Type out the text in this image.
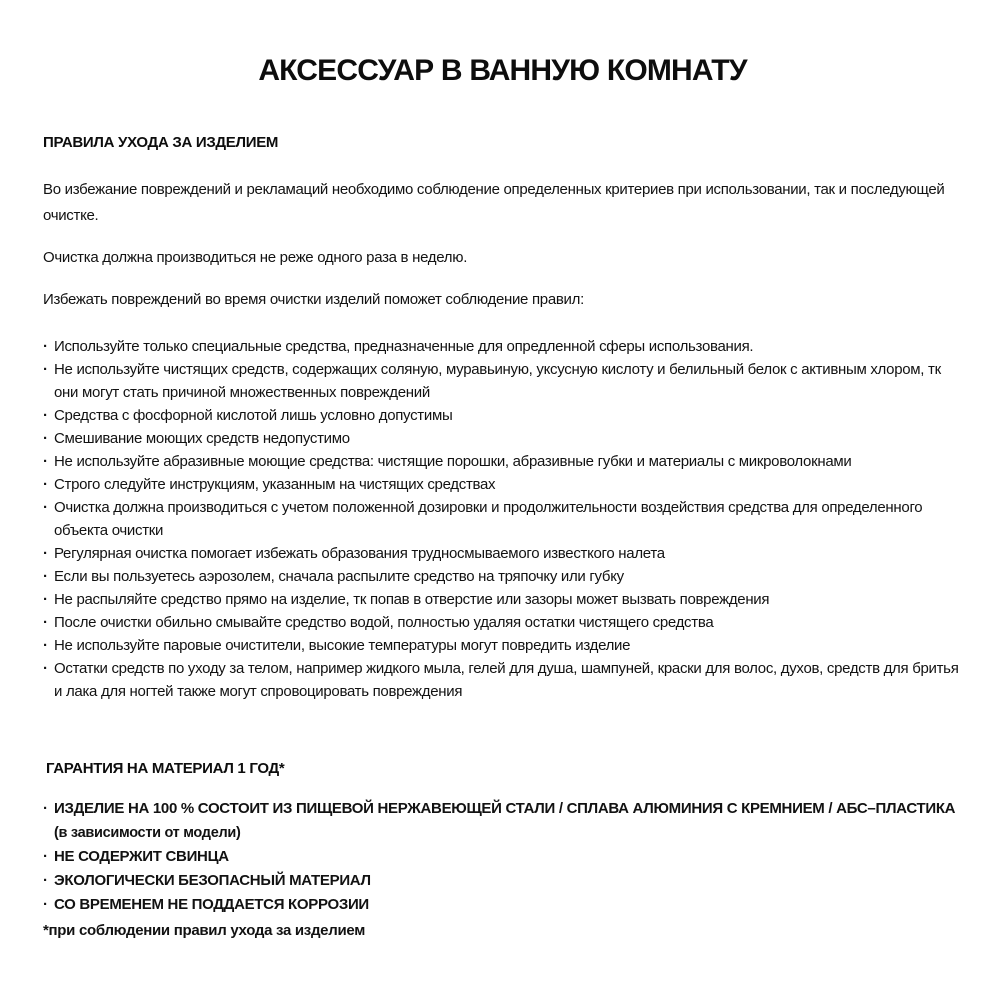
АКСЕССУАР В ВАННУЮ КОМНАТУ
ПРАВИЛА УХОДА ЗА ИЗДЕЛИЕМ

Во избежание повреждений и рекламаций необходимо соблюдение определенных критериев при использовании, так и последующей очистке.

Очистка должна производиться не реже одного раза в неделю.

Избежать повреждений во время очистки изделий поможет соблюдение правил:

· Используйте только специальные средства, предназначенные для опредленной сферы использования.
· Не используйте чистящих средств, содержащих соляную, муравьиную, уксусную кислоту и белильный белок с активным хлором, тк они могут стать причиной множественных повреждений
· Средства с фосфорной кислотой лишь условно допустимы
· Смешивание моющих средств недопустимо
· Не используйте абразивные моющие средства: чистящие порошки, абразивные губки и материалы с микроволокнами
· Строго следуйте инструкциям, указанным на чистящих средствах
· Очистка должна производиться с учетом положенной дозировки и продолжительности воздействия средства для определенного объекта очистки
· Регулярная очистка помогает избежать образования трудносмываемого известкого налета
· Если вы пользуетесь аэрозолем, сначала распылите средство на тряпочку или губку
· Не распыляйте средство прямо на изделие, тк попав в отверстие или зазоры может вызвать повреждения
· После очистки обильно смывайте средство водой, полностью удаляя остатки чистящего средства
· Не используйте паровые очистители, высокие температуры могут повредить изделие
· Остатки средств по уходу за телом, например жидкого мыла, гелей для душа, шампуней, краски для волос, духов, средств для бритья и лака для ногтей также могут спровоцировать повреждения
ГАРАНТИЯ НА МАТЕРИАЛ 1 ГОД*
· ИЗДЕЛИЕ НА 100 % СОСТОИТ ИЗ ПИЩЕВОЙ НЕРЖАВЕЮЩЕЙ СТАЛИ / СПЛАВА АЛЮМИНИЯ С КРЕМНИЕМ / АБС–ПЛАСТИКА
(в зависимости от модели)
· НЕ СОДЕРЖИТ СВИНЦА
· ЭКОЛОГИЧЕСКИ БЕЗОПАСНЫЙ МАТЕРИАЛ
· СО ВРЕМЕНЕМ НЕ ПОДДАЕТСЯ КОРРОЗИИ

*при соблюдении правил ухода за изделием
